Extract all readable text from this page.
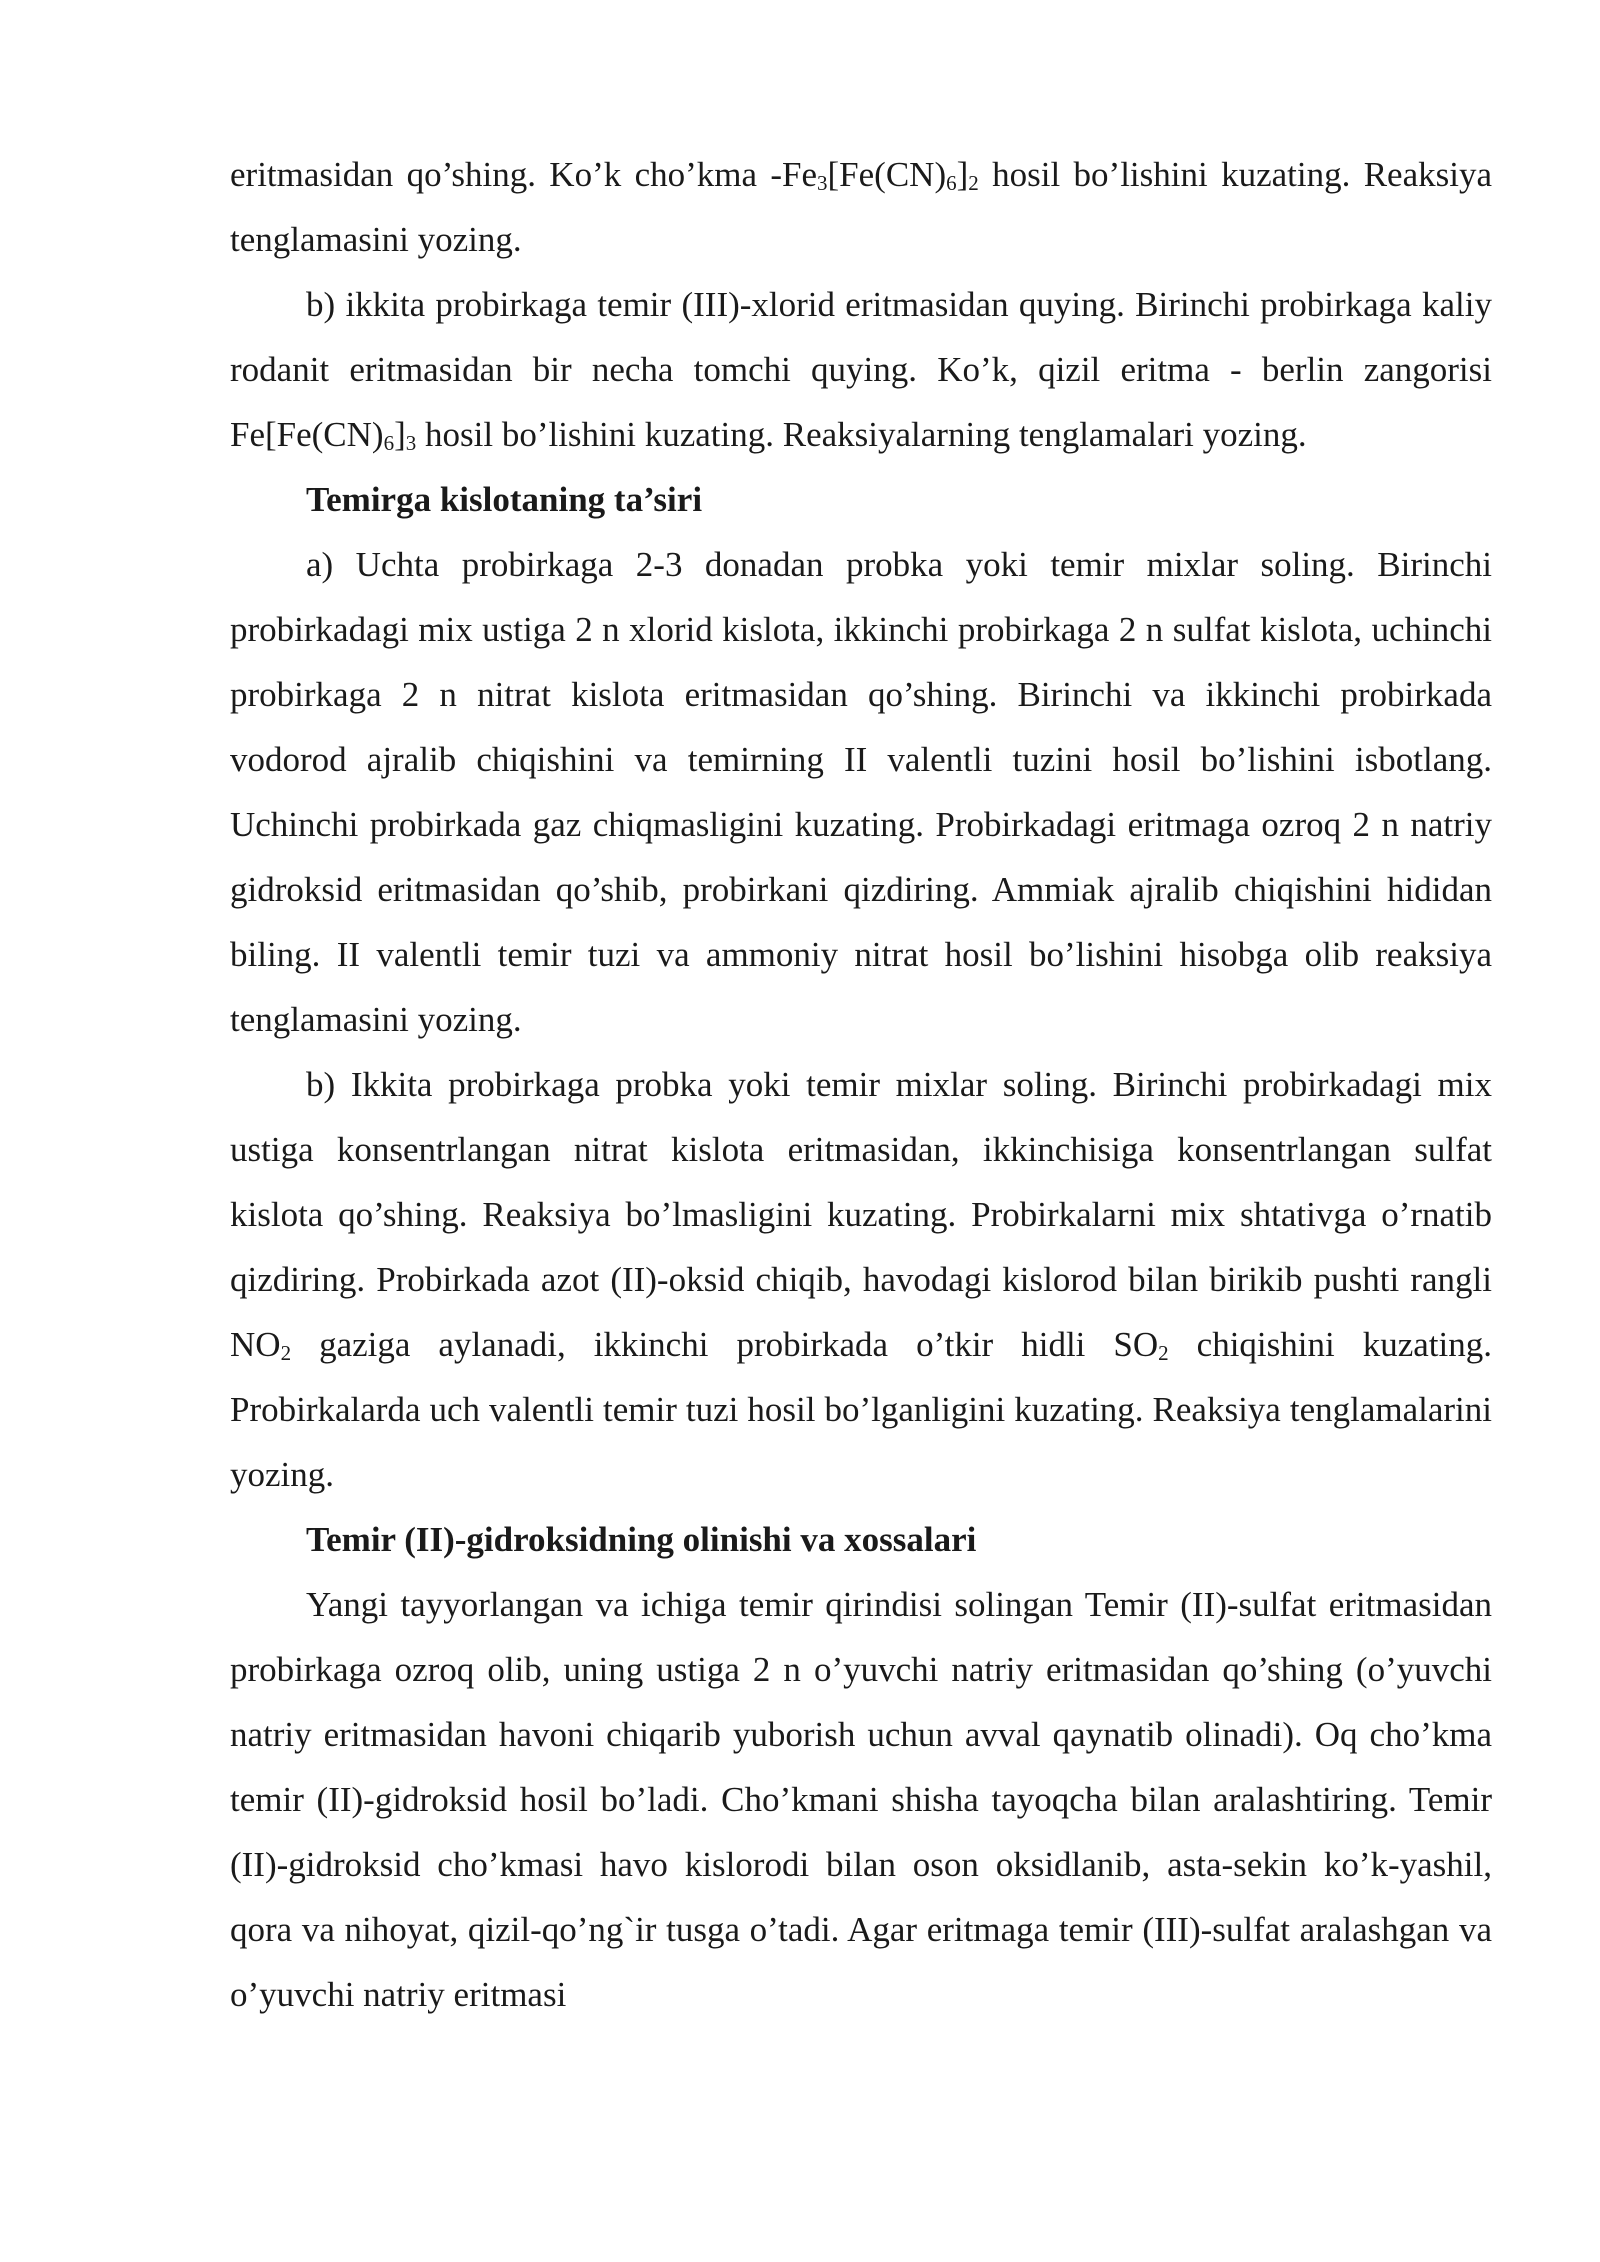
eritmasidan qo’shing. Ko’k cho’kma $-Fe_3[Fe(CN)_6]_2$ hosil bo’lishini kuzating. Reaksiya tenglamasini yozing.

b) ikkita probirkaga temir (III)-xlorid eritmasidan quying. Birinchi probirkaga kaliy rodanit eritmasidan bir necha tomchi quying. Ko’k, qizil eritma - berlin zangorisi $Fe[Fe(CN)_6]_3$ hosil bo’lishini kuzating. Reaksiyalarning tenglamalari yozing.

Temirga kislotaning ta’siri

a) Uchta probirkaga 2-3 donadan probka yoki temir mixlar soling. Birinchi probirkadagi mix ustiga 2 n xlorid kislota, ikkinchi probirkaga 2 n sulfat kislota, uchinchi probirkaga 2 n nitrat kislota eritmasidan qo’shing. Birinchi va ikkinchi probirkada vodorod ajralib chiqishini va temirning II valentli tuzini hosil bo’lishini isbotlang. Uchinchi probirkada gaz chiqmasligini kuzating. Probirkadagi eritmaga ozroq 2 n natriy gidroksid eritmasidan qo’shib, probirkani qizdiring. Ammiak ajralib chiqishini hididan biling. II valentli temir tuzi va ammoniy nitrat hosil bo’lishini hisobga olib reaksiya tenglamasini yozing.

b) Ikkita probirkaga probka yoki temir mixlar soling. Birinchi probirkadagi mix ustiga konsentrlangan nitrat kislota eritmasidan, ikkinchisiga konsentrlangan sulfat kislota qo’shing. Reaksiya bo’lmasligini kuzating. Probirkalarni mix shtativga o’rnatib qizdiring. Probirkada azot (II)-oksid chiqib, havodagi kislorod bilan birikib pushti rangli $NO_2$ gaziga aylanadi, ikkinchi probirkada o’tkir hidli $SO_2$ chiqishini kuzating. Probirkalarda uch valentli temir tuzi hosil bo’lganligini kuzating. Reaksiya tenglamalarini yozing.

Temir (II)-gidroksidning olinishi va xossalari

Yangi tayyorlangan va ichiga temir qirindisi solingan Temir (II)-sulfat eritmasidan probirkaga ozroq olib, uning ustiga 2 n o’yuvchi natriy eritmasidan qo’shing (o’yuvchi natriy eritmasidan havoni chiqarib yuborish uchun avval qaynatib olinadi). Oq cho’kma temir (II)-gidroksid hosil bo’ladi. Cho’kmani shisha tayoqcha bilan aralashtiring. Temir (II)-gidroksid cho’kmasi havo kislorodi bilan oson oksidlanib, asta-sekin ko’k-yashil, qora va nihoyat, qizil-qo’ng`ir tusga o’tadi. Agar eritmaga temir (III)-sulfat aralashgan va o’yuvchi natriy eritmasi
